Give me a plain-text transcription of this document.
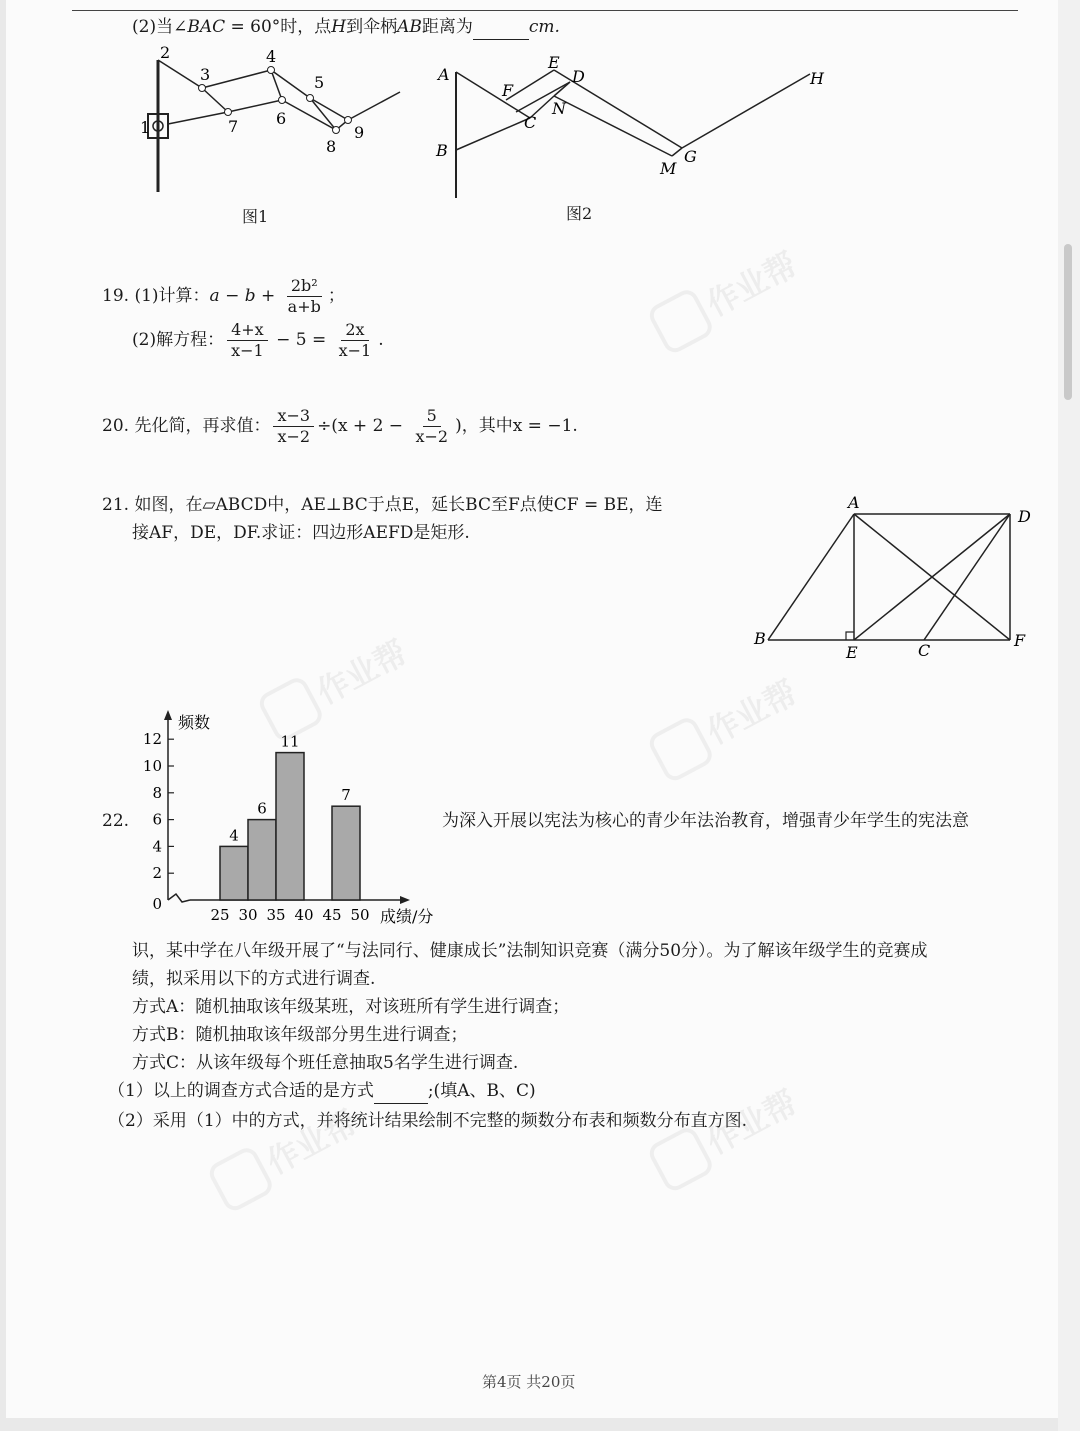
(2)当∠BAC = 60°时，点H到伞柄AB距离为	cm.
1
2
3
4
5
6
7
8
9
图1
A
B
F
E
D
C
N
M
G
H
图2
19. (1)计算：$a - b + \frac{\text{2b²}}{a+b}$ ；
(2)解方程： $\frac{4+x}{x-1} - 5 = \frac{2x}{x-1}$ .
20. 先化简，再求值： $\frac{x-3}{x-2} \div(x + 2 - \frac{5}{x-2}$ )，其中x = −1.
21. 如图，在▱ABCD中，AE⊥BC于点E，延长BC至F点使CF = BE，连
接AF，DE，DF.求证：四边形AEFD是矩形.
A
D
B
E	C
F
22.
0
2
4
6
8
10
12
25 30 35 40 45 50
4
6
11
7
频数
成绩/分
为深入开展以宪法为核心的青少年法治教育，增强青少年学生的宪法意
识，某中学在八年级开展了“与法同行、健康成长”法制知识竞赛（满分50分）。为了解该年级学生的竞赛成
绩，拟采用以下的方式进行调查.
方式A：随机抽取该年级某班，对该班所有学生进行调查；
方式B：随机抽取该年级部分男生进行调查；
方式C：从该年级每个班任意抽取5名学生进行调查.
（1）以上的调查方式合适的是方式	;(填A、B、C)
（2）采用（1）中的方式，并将统计结果绘制不完整的频数分布表和频数分布直方图.
第4页 共20页
作业帮
作业帮
作业帮
作业帮	作业帮
